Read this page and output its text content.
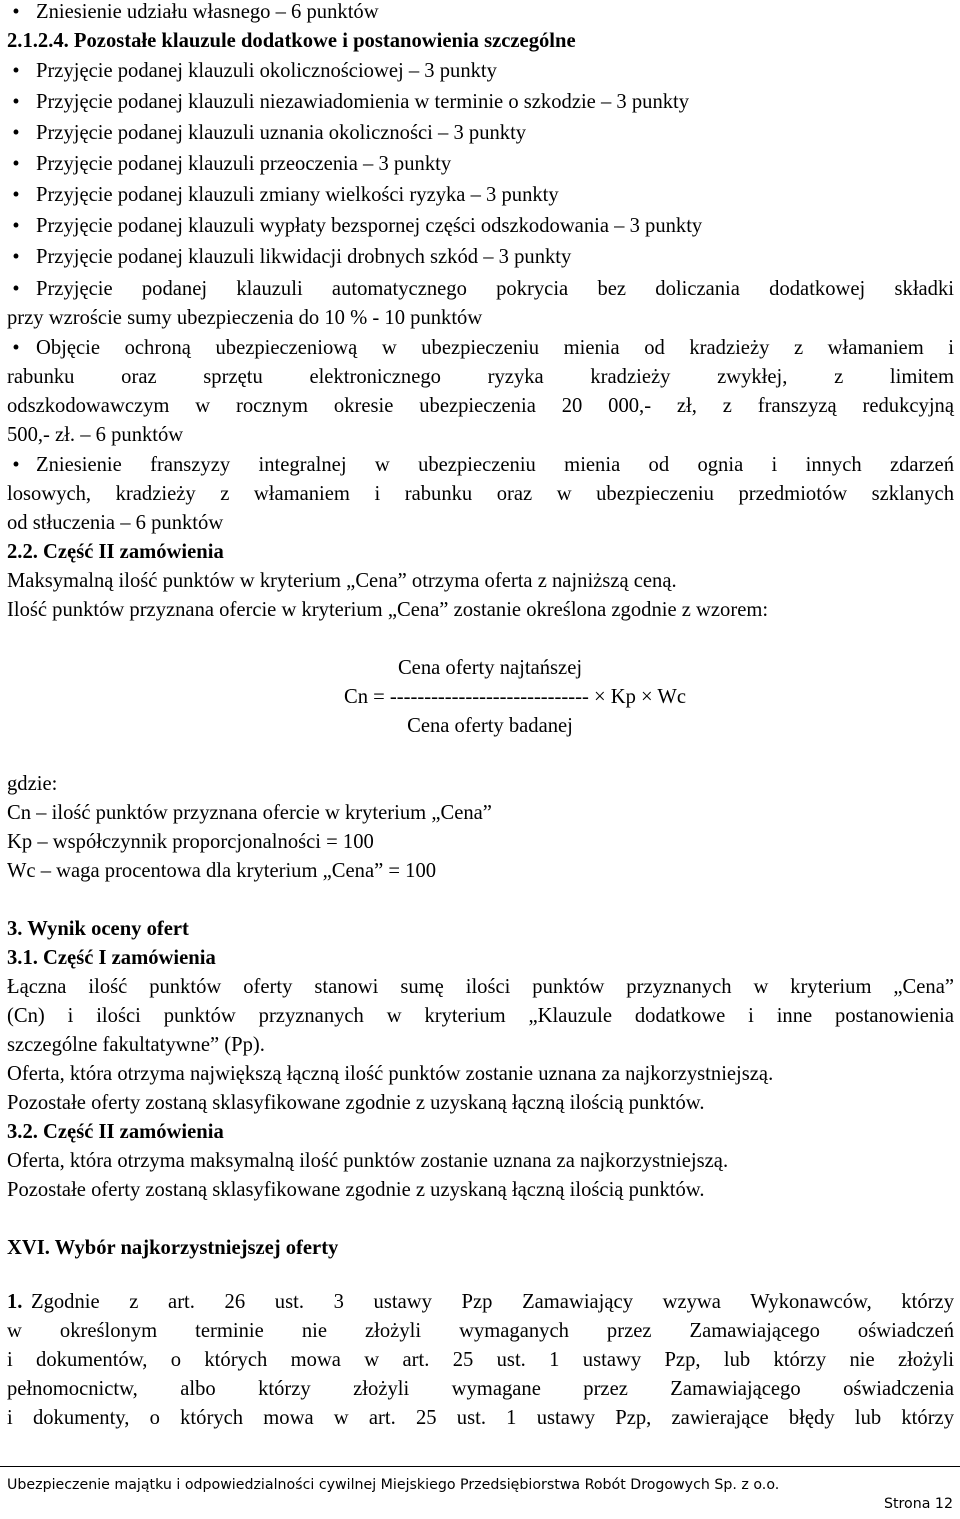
• Zniesienie udziału własnego – 6 punktów
2.1.2.4. Pozostałe klauzule dodatkowe i postanowienia szczególne
• Przyjęcie podanej klauzuli okolicznościowej – 3 punkty
• Przyjęcie podanej klauzuli niezawiadomienia w terminie o szkodzie – 3 punkty
• Przyjęcie podanej klauzuli uznania okoliczności – 3 punkty
• Przyjęcie podanej klauzuli przeoczenia – 3 punkty
• Przyjęcie podanej klauzuli zmiany wielkości ryzyka – 3 punkty
• Przyjęcie podanej klauzuli wypłaty bezspornej części odszkodowania – 3 punkty
• Przyjęcie podanej klauzuli likwidacji drobnych szkód – 3 punkty
• Przyjęcie podanej klauzuli automatycznego pokrycia bez doliczania dodatkowej składki
przy wzroście sumy ubezpieczenia do 10 % - 10 punktów
• Objęcie ochroną ubezpieczeniową w ubezpieczeniu mienia od kradzieży z włamaniem i
rabunku oraz sprzętu elektronicznego ryzyka kradzieży zwykłej, z limitem
odszkodowawczym w rocznym okresie ubezpieczenia 20 000,- zł, z franszyzą redukcyjną
500,- zł. – 6 punktów
• Zniesienie franszyzy integralnej w ubezpieczeniu mienia od ognia i innych zdarzeń
losowych, kradzieży z włamaniem i rabunku oraz w ubezpieczeniu przedmiotów szklanych
od stłuczenia – 6 punktów
2.2. Część II zamówienia
Maksymalną ilość punktów w kryterium „Cena” otrzyma oferta z najniższą ceną.
Ilość punktów przyznana ofercie w kryterium „Cena” zostanie określona zgodnie z wzorem:
Cena oferty najtańszej
Cn = ----------------------------- × Kp × Wc
Cena oferty badanej
gdzie:
Cn – ilość punktów przyznana ofercie w kryterium „Cena”
Kp – współczynnik proporcjonalności = 100
Wc – waga procentowa dla kryterium „Cena” = 100
3. Wynik oceny ofert
3.1. Część I zamówienia
Łączna ilość punktów oferty stanowi sumę ilości punktów przyznanych w kryterium „Cena”
(Cn) i ilości punktów przyznanych w kryterium „Klauzule dodatkowe i inne postanowienia
szczególne fakultatywne” (Pp).
Oferta, która otrzyma największą łączną ilość punktów zostanie uznana za najkorzystniejszą.
Pozostałe oferty zostaną sklasyfikowane zgodnie z uzyskaną łączną ilością punktów.
3.2. Część II zamówienia
Oferta, która otrzyma maksymalną ilość punktów zostanie uznana za najkorzystniejszą.
Pozostałe oferty zostaną sklasyfikowane zgodnie z uzyskaną łączną ilością punktów.
XVI. Wybór najkorzystniejszej oferty
1. Zgodnie z art. 26 ust. 3 ustawy Pzp Zamawiający wzywa Wykonawców, którzy
w określonym terminie nie złożyli wymaganych przez Zamawiającego oświadczeń
i dokumentów, o których mowa w art. 25 ust. 1 ustawy Pzp, lub którzy nie złożyli
pełnomocnictw, albo którzy złożyli wymagane przez Zamawiającego oświadczenia
i dokumenty, o których mowa w art. 25 ust. 1 ustawy Pzp, zawierające błędy lub którzy
Ubezpieczenie majątku i odpowiedzialności cywilnej Miejskiego Przedsiębiorstwa Robót Drogowych Sp. z o.o.
Strona 12
